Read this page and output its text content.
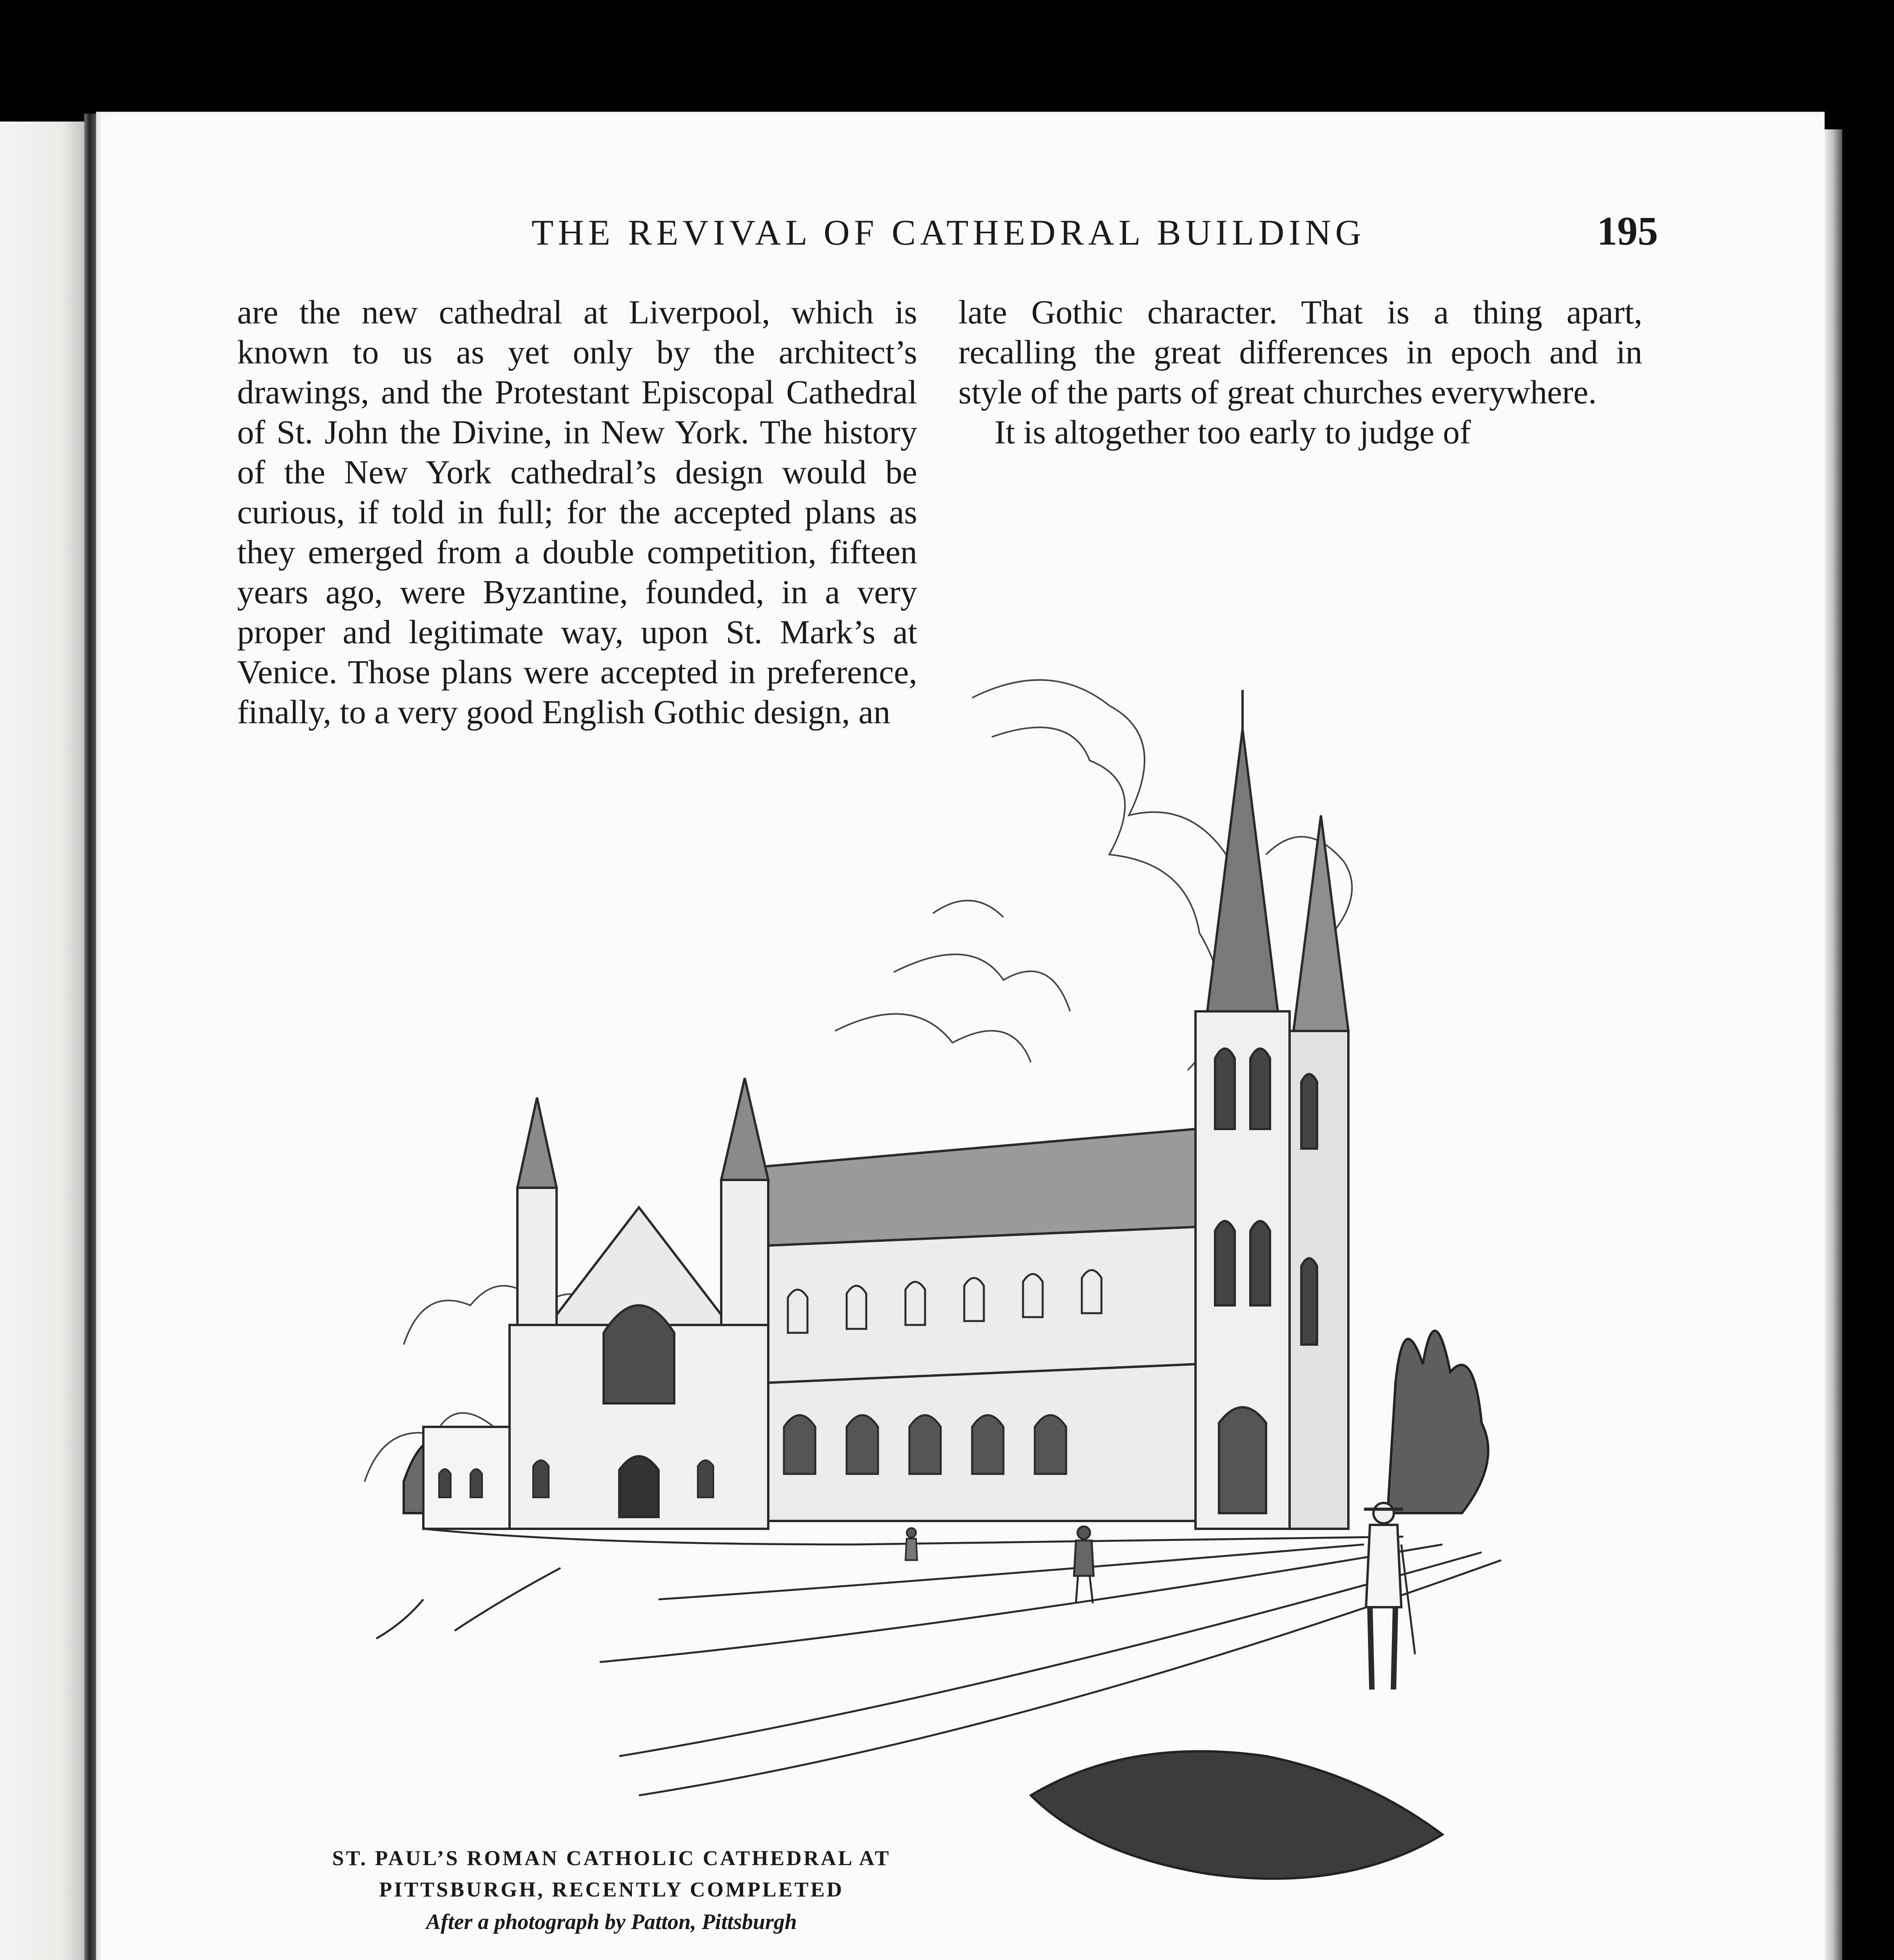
THE REVIVAL OF CATHEDRAL BUILDING	195

are the new cathedral at Liverpool, which is known to us as yet only by the architect’s drawings, and the Protestant Episcopal Cathedral of St. John the Divine, in New York. The history of the New York cathedral’s design would be curious, if told in full; for the accepted plans as they emerged from a double competition, fifteen years ago, were Byzantine, founded, in a very proper and legitimate way, upon St. Mark’s at Venice. Those plans were accepted in preference, finally, to a very good English Gothic design, an

late Gothic character. That is a thing apart, recalling the great differences in epoch and in style of the parts of great churches everywhere.

It is altogether too early to judge of

ST. PAUL’S ROMAN CATHOLIC CATHEDRAL AT
PITTSBURGH, RECENTLY COMPLETED
After a photograph by Patton, Pittsburgh
